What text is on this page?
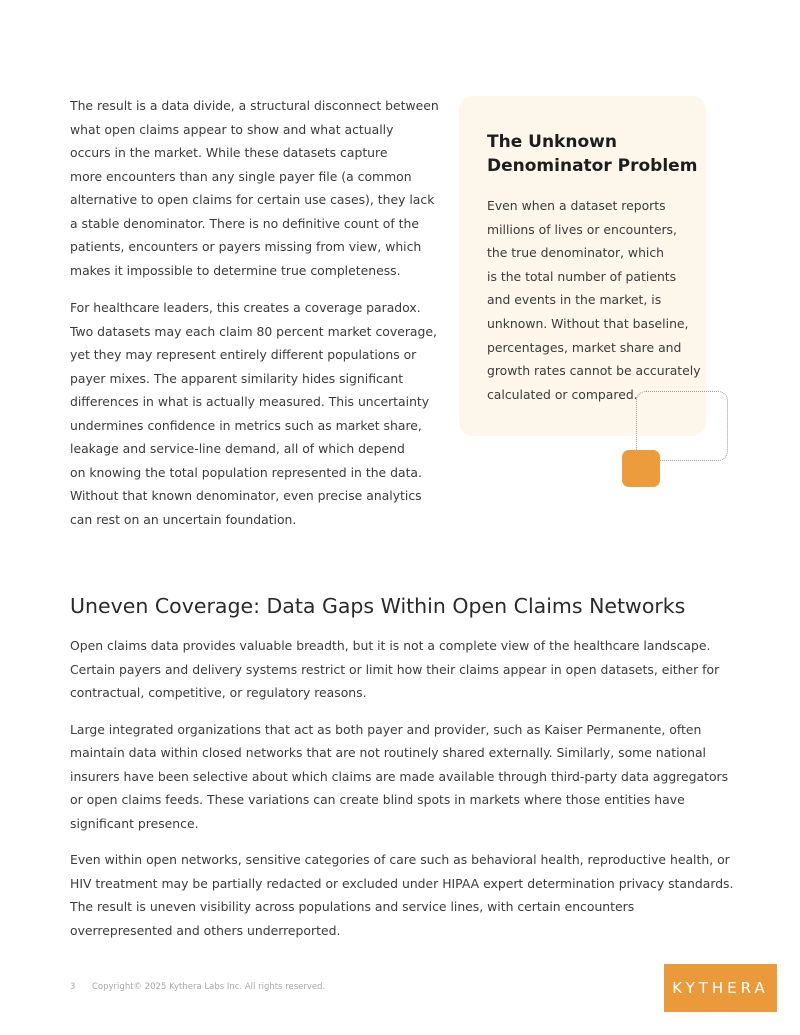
The result is a data divide, a structural disconnect between
what open claims appear to show and what actually
occurs in the market. While these datasets capture
more encounters than any single payer file (a common
alternative to open claims for certain use cases), they lack
a stable denominator. There is no definitive count of the
patients, encounters or payers missing from view, which
makes it impossible to determine true completeness.

For healthcare leaders, this creates a coverage paradox.
Two datasets may each claim 80 percent market coverage,
yet they may represent entirely different populations or
payer mixes. The apparent similarity hides significant
differences in what is actually measured. This uncertainty
undermines confidence in metrics such as market share,
leakage and service-line demand, all of which depend
on knowing the total population represented in the data.
Without that known denominator, even precise analytics
can rest on an uncertain foundation.

The Unknown
Denominator Problem
Even when a dataset reports
millions of lives or encounters,
the true denominator, which
is the total number of patients
and events in the market, is
unknown. Without that baseline,
percentages, market share and
growth rates cannot be accurately
calculated or compared.
Uneven Coverage: Data Gaps Within Open Claims Networks

Open claims data provides valuable breadth, but it is not a complete view of the healthcare landscape. Certain payers and delivery systems restrict or limit how their claims appear in open datasets, either for contractual, competitive, or regulatory reasons.

Large integrated organizations that act as both payer and provider, such as Kaiser Permanente, often maintain data within closed networks that are not routinely shared externally. Similarly, some national insurers have been selective about which claims are made available through third-party data aggregators or open claims feeds. These variations can create blind spots in markets where those entities have significant presence.

Even within open networks, sensitive categories of care such as behavioral health, reproductive health, or HIV treatment may be partially redacted or excluded under HIPAA expert determination privacy standards. The result is uneven visibility across populations and service lines, with certain encounters overrepresented and others underreported.

3 Copyright© 2025 Kythera Labs Inc. All rights reserved.	KYTHERA
